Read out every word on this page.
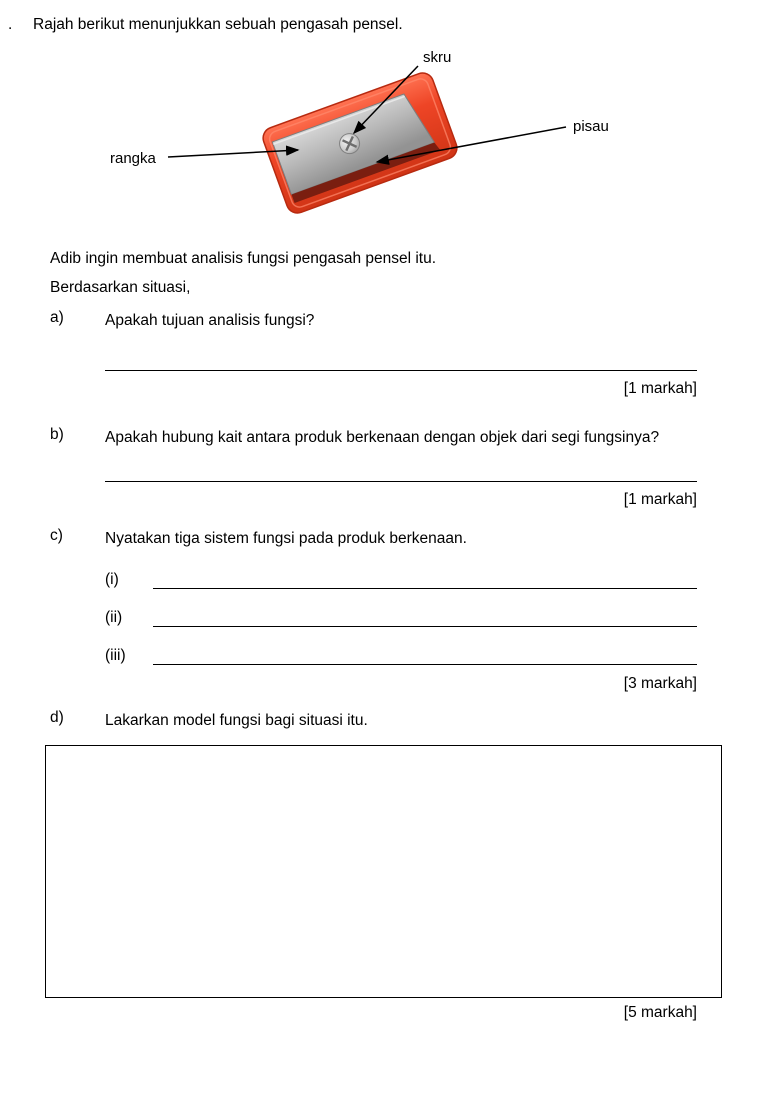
.	Rajah berikut menunjukkan sebuah pengasah pensel.
skru
pisau
rangka
Adib ingin membuat analisis fungsi pengasah pensel itu.
Berdasarkan situasi,
a)	Apakah tujuan analisis fungsi?
[1 markah]
b)	Apakah hubung kait antara produk berkenaan dengan objek dari segi fungsinya?
[1 markah]
c)	Nyatakan tiga sistem fungsi pada produk berkenaan.
(i)
(ii)
(iii)
[3 markah]
d)	Lakarkan model fungsi bagi situasi itu.
[5 markah]
